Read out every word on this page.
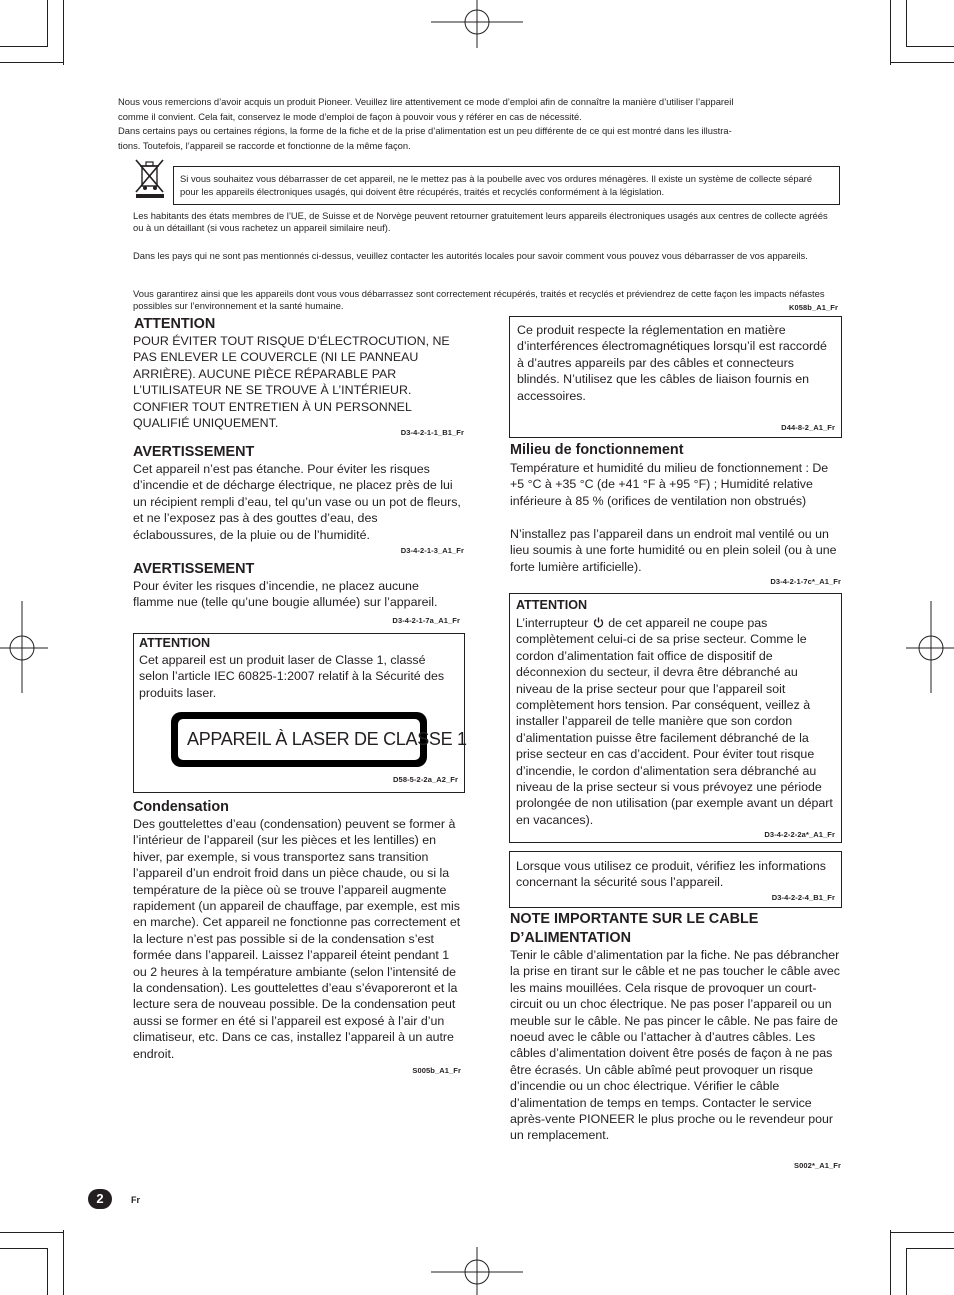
Nous vous remercions d’avoir acquis un produit Pioneer. Veuillez lire attentivement ce mode d’emploi afin de connaître la manière d’utiliser l’appareil
comme il convient. Cela fait, conservez le mode d’emploi de façon à pouvoir vous y référer en cas de nécessité.
Dans certains pays ou certaines régions, la forme de la fiche et de la prise d’alimentation est un peu différente de ce qui est montré dans les illustra-
tions. Toutefois, l’appareil se raccorde et fonctionne de la même façon.
Si vous souhaitez vous débarrasser de cet appareil, ne le mettez pas à la poubelle avec vos ordures ménagères. Il existe un système de collecte séparé pour les appareils électroniques usagés, qui doivent être récupérés, traités et recyclés conformément à la législation.
Les habitants des états membres de l’UE, de Suisse et de Norvège peuvent retourner gratuitement leurs appareils électroniques usagés aux centres de collecte agréés ou à un détaillant (si vous rachetez un appareil similaire neuf).
Dans les pays qui ne sont pas mentionnés ci-dessus, veuillez contacter les autorités locales pour savoir comment vous pouvez vous débarrasser de vos appareils.
Vous garantirez ainsi que les appareils dont vous vous débarrassez sont correctement récupérés, traités et recyclés et préviendrez de cette façon les impacts néfastes possibles sur l’environnement et la santé humaine.	K058b_A1_Fr
ATTENTION
POUR ÉVITER TOUT RISQUE D’ÉLECTROCUTION, NE PAS ENLEVER LE COUVERCLE (NI LE PANNEAU ARRIÈRE). AUCUNE PIÈCE RÉPARABLE PAR L’UTILISATEUR NE SE TROUVE À L’INTÉRIEUR. CONFIER TOUT ENTRETIEN À UN PERSONNEL QUALIFIÉ UNIQUEMENT.
D3-4-2-1-1_B1_Fr
AVERTISSEMENT
Cet appareil n’est pas étanche. Pour éviter les risques d’incendie et de décharge électrique, ne placez près de lui un récipient rempli d’eau, tel qu’un vase ou un pot de fleurs, et ne l’exposez pas à des gouttes d’eau, des éclaboussures, de la pluie ou de l’humidité.
D3-4-2-1-3_A1_Fr
AVERTISSEMENT
Pour éviter les risques d’incendie, ne placez aucune flamme nue (telle qu’une bougie allumée) sur l’appareil.
D3-4-2-1-7a_A1_Fr
ATTENTION
Cet appareil est un produit laser de Classe 1, classé selon l’article IEC 60825-1:2007 relatif à la Sécurité des produits laser.
APPAREIL À LASER DE CLASSE 1
D58-5-2-2a_A2_Fr
Condensation
Des gouttelettes d’eau (condensation) peuvent se former à l’intérieur de l’appareil (sur les pièces et les lentilles) en hiver, par exemple, si vous transportez sans transition l’appareil d’un endroit froid dans un pièce chaude, ou si la température de la pièce où se trouve l’appareil augmente rapidement (un appareil de chauffage, par exemple, est mis en marche). Cet appareil ne fonctionne pas correctement et la lecture n’est pas possible si de la condensation s’est formée dans l’appareil. Laissez l’appareil éteint pendant 1 ou 2 heures à la température ambiante (selon l’intensité de la condensation). Les gouttelettes d’eau s’évaporeront et la lecture sera de nouveau possible. De la condensation peut aussi se former en été si l’appareil est exposé à l’air d’un climatiseur, etc. Dans ce cas, installez l’appareil à un autre endroit.
S005b_A1_Fr
Ce produit respecte la réglementation en matière d’interférences électromagnétiques lorsqu’il est raccordé à d’autres appareils par des câbles et connecteurs blindés. N’utilisez que les câbles de liaison fournis en accessoires.
D44-8-2_A1_Fr
Milieu de fonctionnement
Température et humidité du milieu de fonctionnement : De +5 °C à +35 °C (de +41 °F à +95 °F) ; Humidité relative inférieure à 85 % (orifices de ventilation non obstrués)
N’installez pas l’appareil dans un endroit mal ventilé ou un lieu soumis à une forte humidité ou en plein soleil (ou à une forte lumière artificielle).
D3-4-2-1-7c*_A1_Fr
ATTENTION
L’interrupteur de cet appareil ne coupe pas complètement celui-ci de sa prise secteur. Comme le cordon d’alimentation fait office de dispositif de déconnexion du secteur, il devra être débranché au niveau de la prise secteur pour que l’appareil soit complètement hors tension. Par conséquent, veillez à installer l’appareil de telle manière que son cordon d’alimentation puisse être facilement débranché de la prise secteur en cas d’accident. Pour éviter tout risque d’incendie, le cordon d’alimentation sera débranché au niveau de la prise secteur si vous prévoyez une période prolongée de non utilisation (par exemple avant un départ en vacances).
D3-4-2-2-2a*_A1_Fr
Lorsque vous utilisez ce produit, vérifiez les informations concernant la sécurité sous l’appareil.
D3-4-2-2-4_B1_Fr
NOTE IMPORTANTE SUR LE CABLE D’ALIMENTATION
Tenir le câble d’alimentation par la fiche. Ne pas débrancher la prise en tirant sur le câble et ne pas toucher le câble avec les mains mouillées. Cela risque de provoquer un court-circuit ou un choc électrique. Ne pas poser l’appareil ou un meuble sur le câble. Ne pas pincer le câble. Ne pas faire de noeud avec le câble ou l’attacher à d’autres câbles. Les câbles d’alimentation doivent être posés de façon à ne pas être écrasés. Un câble abîmé peut provoquer un risque d’incendie ou un choc électrique. Vérifier le câble d’alimentation de temps en temps. Contacter le service après-vente PIONEER le plus proche ou le revendeur pour un remplacement.
S002*_A1_Fr
2	Fr
